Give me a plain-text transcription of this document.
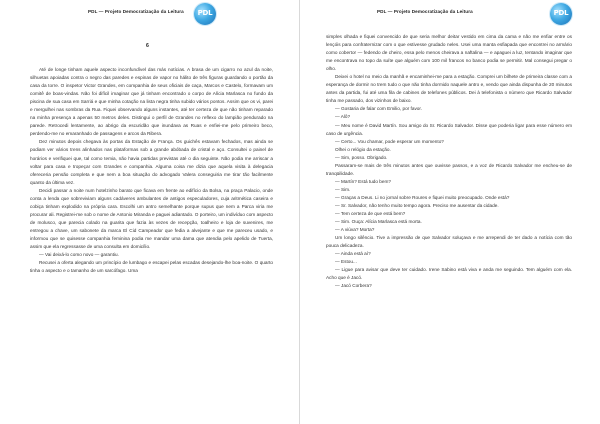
PDL — Projeto Democratização da Leitura	PDL
6

Até de longe tinham aquele aspecto inconfundível das más notícias. A brasa de um cigarro no azul da noite, silhuetas apoiadas contra o negro das paredes e espinas de vapor no hálito de três figuras guardando o portão da casa da torre. O inspetor Victor Grandes, em companhia de seus oficiais de caça, Marcos e Castelo, formavam um comitê de boas-vindas. Não foi difícil imaginar que já tinham encontrado o corpo de Alícia Marlasca no fundo da piscina de sua casa em Sarriá e que minha cotação na lista negra tinha subido vários pontos. Assim que os vi, parei e mergulhei nas sombras da Rua. Fiquei observando alguns instantes, até ter certeza de que não tinham reparado na minha presença a apenas 50 metros deles. Distingui o perfil de Grandes no reflexo do lampião pendurado na parede. Retrocedi lentamente, ao abrigo da escuridão que inundava as Ruas e enfiei-me pelo primeiro beco, perdendo-me no emaranhado de passagens e arcos da Ribera.

Dez minutos depois chegava às portas da Estação de França. Os guichês estavam fechados, mas ainda se podiam ver vários trens alinhados nas plataformas sob a grande abóbada de cristal e aço. Consultei o painel de horários e verifiquei que, tal como temia, não havia partidas previstas até o dia seguinte. Não podia me arriscar a voltar para casa e tropeçar com Grandes e companhia. Alguma coisa me dizia que aquela visita à delegacia ofereceria pensão completa e que nem a boa situação do advogado Valera conseguiria me tirar tão facilmente quanto da última vez.

Decidi passar a noite num hotelzinho barato que ficava em frente ao edifício da Bolsa, na praça Palacio, onde conta a lenda que sobreviviam alguns cadáveres ambulantes de antigos especuladores, cuja aritmética caseira e cobiça tinham explodido na própria cara. Escolhi um antro semelhante porque supus que nem a Parca viria me procurar ali. Registrei-me sob o nome de Antonio Miranda e paguei adiantado. O porteiro, um indivíduo com aspecto de molusco, que parecia colado na guarita que fazia às vezes de recepção, toalheiro e loja de suvenires, me entregou a chave, um sabonete da marca El Cid Campeador que fedia a alvejante e que me pareceu usado, e informou que se quisesse companhia feminina podia me mandar uma dama que atendia pelo apelido de Tuerta, assim que ela regressasse de uma consulta em domicílio.

— Vai deixá-lo como novo — garantiu.

Recusei a oferta alegando um princípio de lumbago e escapei pelas escadas desejando-lhe boa-noite. O quarto tinha o aspecto e o tamanho de um sarcófago. Uma

PDL — Projeto Democratização da Leitura	PDL

simples olhada e fiquei convencido de que seria melhor deitar vestido em cima da cama e não me enfiar entre os lençóis para confraternizar com o que estivesse grudado neles. Usei uma manta esfiapada que encontrei no armário como cobertor — fedendo de cheiro, essa pelo menos cheirava a naftalina — e apaguei a luz, tentando imaginar que me encontrava no topo da suíte que alguém com 100 mil francos no banco podia se permitir. Mal consegui pregar o olho.

Deixei o hotel no meio da manhã e encaminhei-me para a estação. Comprei um bilhete de primeira classe com a esperança de dormir no trem tudo o que não tinha dormido naquele antro e, vendo que ainda dispunha de 20 minutos antes da partida, fui até uma fila de cabines de telefones públicos. Dei à telefonista o número que Ricardo Salvador tinha me passado, dos vizinhos de baixo.

— Gostaria de falar com Emilio, por favor.

— Alô?

— Meu nome é David Martín. Sou amigo do Sr. Ricardo Salvador. Disse que poderia ligar para esse número em caso de urgência.

— Certo... Vou chamar, pode esperar um momento?

Olhei o relógio da estação.

— Sim, posso. Obrigado.

Passaram-se mais de três minutos antes que ouvisse passos, e a voz de Ricardo Salvador me encheu-se de tranqüilidade.

— Martín? Está tudo bem?

— Sim.

— Graças a Deus. Li no jornal sobre Roures e fiquei muito preocupado. Onde está?

— Sr. Salvador, não tenho muito tempo agora. Preciso me ausentar da cidade.

— Tem certeza de que está bem?

— Sim. Ouça: Alícia Marlasca está morta.

— A viúva? Morta?

Um longo silêncio. Tive a impressão de que Salvador soluçava e me arrependi de ter dado a notícia com tão pouca delicadeza.

— Ainda está aí?

— Estou...

— Ligue para avisar que deve ter cuidado. Irene Sabino está viva e anda me seguindo. Tem alguém com ela. Acho que é Jacó.

— Jacó Corbera?
